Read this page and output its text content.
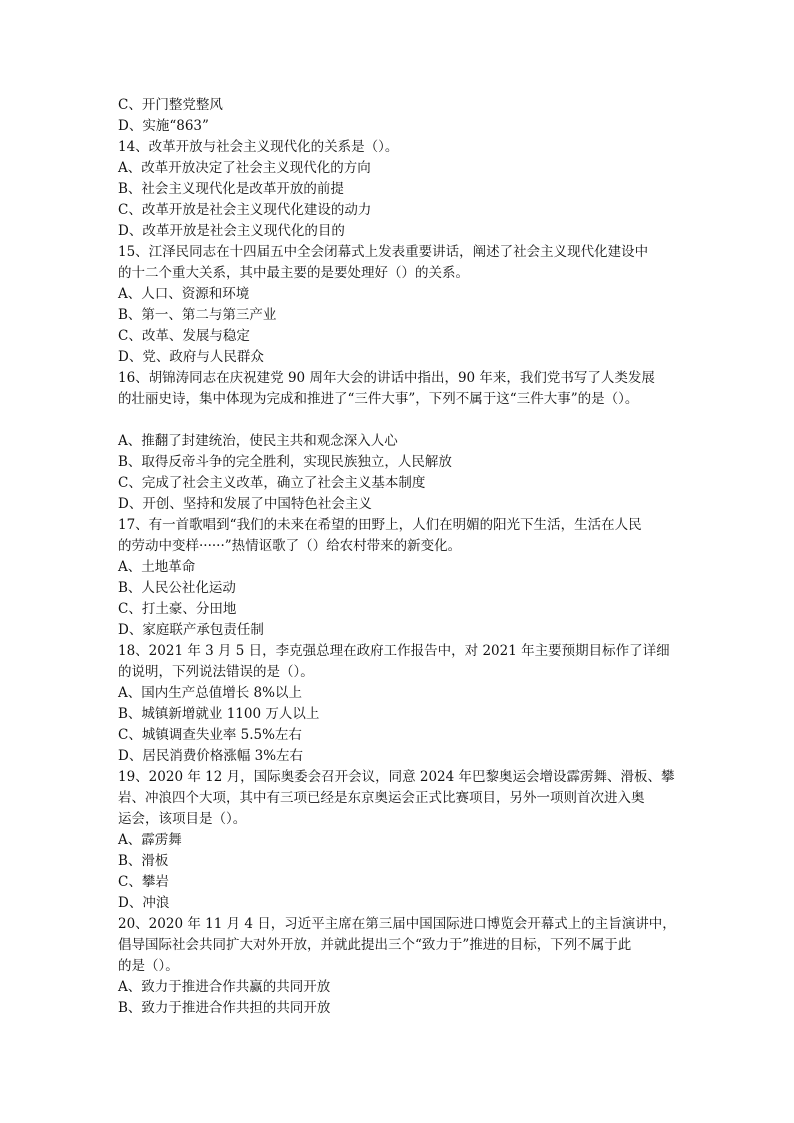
C、开门整党整风
D、实施“863”
14、改革开放与社会主义现代化的关系是（）。
A、改革开放决定了社会主义现代化的方向
B、社会主义现代化是改革开放的前提
C、改革开放是社会主义现代化建设的动力
D、改革开放是社会主义现代化的目的
15、江泽民同志在十四届五中全会闭幕式上发表重要讲话，阐述了社会主义现代化建设中
的十二个重大关系，其中最主要的是要处理好（）的关系。
A、人口、资源和环境
B、第一、第二与第三产业
C、改革、发展与稳定
D、党、政府与人民群众
16、胡锦涛同志在庆祝建党 90 周年大会的讲话中指出，90 年来，我们党书写了人类发展
的壮丽史诗，集中体现为完成和推进了“三件大事”，下列不属于这“三件大事”的是（）。
A、推翻了封建统治，使民主共和观念深入人心
B、取得反帝斗争的完全胜利，实现民族独立，人民解放
C、完成了社会主义改革，确立了社会主义基本制度
D、开创、坚持和发展了中国特色社会主义
17、有一首歌唱到“我们的未来在希望的田野上，人们在明媚的阳光下生活，生活在人民
的劳动中变样······”热情讴歌了（）给农村带来的新变化。
A、土地革命
B、人民公社化运动
C、打土豪、分田地
D、家庭联产承包责任制
18、2021 年 3 月 5 日，李克强总理在政府工作报告中，对 2021 年主要预期目标作了详细
的说明，下列说法错误的是（）。
A、国内生产总值增长 8%以上
B、城镇新增就业 1100 万人以上
C、城镇调查失业率 5.5%左右
D、居民消费价格涨幅 3%左右
19、2020 年 12 月，国际奥委会召开会议，同意 2024 年巴黎奥运会增设霹雳舞、滑板、攀
岩、冲浪四个大项，其中有三项已经是东京奥运会正式比赛项目，另外一项则首次进入奥
运会，该项目是（）。
A、霹雳舞
B、滑板
C、攀岩
D、冲浪
20、2020 年 11 月 4 日，习近平主席在第三届中国国际进口博览会开幕式上的主旨演讲中，
倡导国际社会共同扩大对外开放，并就此提出三个“致力于”推进的目标，下列不属于此
的是（）。
A、致力于推进合作共赢的共同开放
B、致力于推进合作共担的共同开放
